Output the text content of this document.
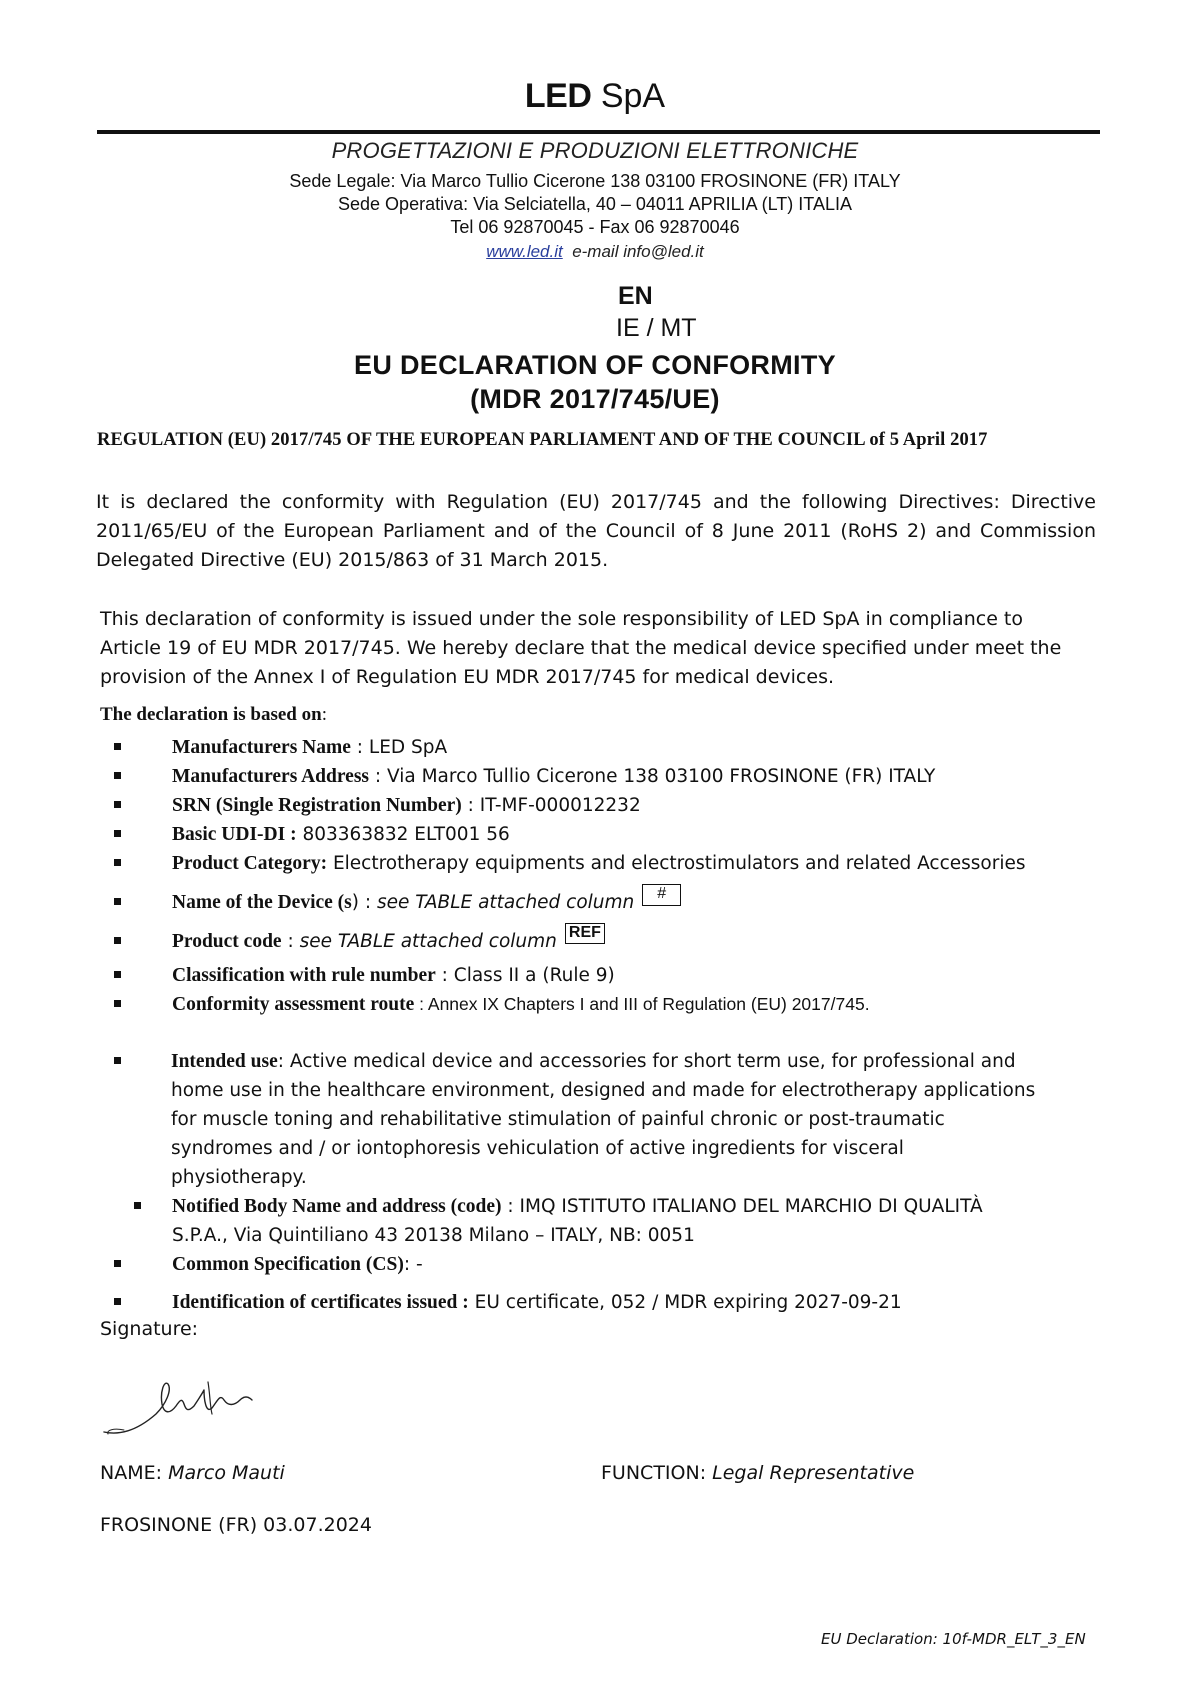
LED SpA
PROGETTAZIONI E PRODUZIONI ELETTRONICHE
Sede Legale: Via Marco Tullio Cicerone 138 03100 FROSINONE (FR) ITALY
Sede Operativa: Via Selciatella, 40 – 04011 APRILIA (LT) ITALIA
Tel 06 92870045 - Fax 06 92870046
www.led.it e-mail info@led.it
EN
IE / MT
EU DECLARATION OF CONFORMITY
(MDR 2017/745/UE)
REGULATION (EU) 2017/745 OF THE EUROPEAN PARLIAMENT AND OF THE COUNCIL of 5 April 2017
It is declared the conformity with Regulation (EU) 2017/745 and the following Directives: Directive 2011/65/EU of the European Parliament and of the Council of 8 June 2011 (RoHS 2) and Commission Delegated Directive (EU) 2015/863 of 31 March 2015.
This declaration of conformity is issued under the sole responsibility of LED SpA in compliance to
Article 19 of EU MDR 2017/745. We hereby declare that the medical device specified under meet the
provision of the Annex I of Regulation EU MDR 2017/745 for medical devices.
The declaration is based on:
Manufacturers Name : LED SpA
Manufacturers Address : Via Marco Tullio Cicerone 138 03100 FROSINONE (FR) ITALY
SRN (Single Registration Number) : IT-MF-000012232
Basic UDI-DI : 803363832 ELT001 56
Product Category: Electrotherapy equipments and electrostimulators and related Accessories
Name of the Device (s) : see TABLE attached column #
Product code : see TABLE attached column REF
Classification with rule number : Class II a (Rule 9)
Conformity assessment route : Annex IX Chapters I and III of Regulation (EU) 2017/745.
Intended use: Active medical device and accessories for short term use, for professional and
home use in the healthcare environment, designed and made for electrotherapy applications
for muscle toning and rehabilitative stimulation of painful chronic or post-traumatic
syndromes and / or iontophoresis vehiculation of active ingredients for visceral
physiotherapy.
Notified Body Name and address (code) : IMQ ISTITUTO ITALIANO DEL MARCHIO DI QUALITÀ
S.P.A., Via Quintiliano 43 20138 Milano – ITALY, NB: 0051
Common Specification (CS): -
Identification of certificates issued : EU certificate, 052 / MDR expiring 2027-09-21
Signature:
NAME: Marco Mauti	FUNCTION: Legal Representative
FROSINONE (FR) 03.07.2024
EU Declaration: 10f-MDR_ELT_3_EN
